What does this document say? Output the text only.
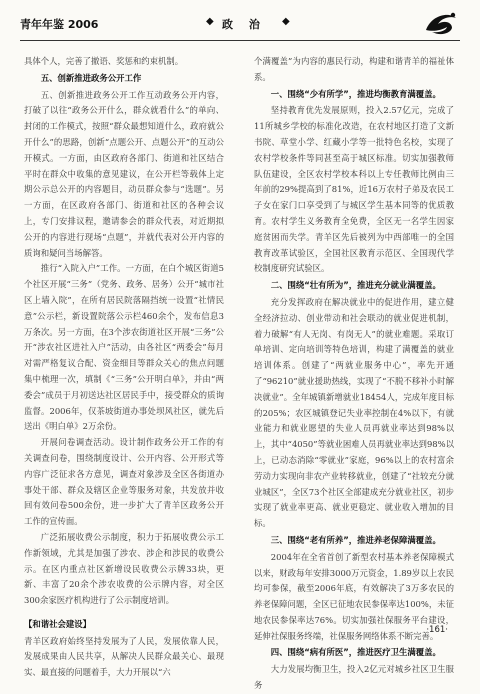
青年年鉴 2006	◆ 政 治 ◆

具体个人，完善了撤语、奖惩和约束机制。

五、创新推进政务公开工作

五、创新推进政务公开工作互动政务公开内容，打破了以往“政务公开什么，群众就看什么”的单向、封闭的工作模式，按照“群众最想知道什么，政府就公开什么”的思路，创新“点题公开、点题公开”的互动公开模式。一方面，由区政府各部门、街道和社区结合平时在群众中收集的意见建议，在公开栏等载体上定期公示总公开的内容题目，动员群众参与“选题”。另一方面，在区政府各部门、街道和社区的各种会议上，专门安排议程，邀请参会的群众代表，对近期拟公开的内容进行现场“点题”，并就代表对公开内容的质询和疑问当场解答。

推行“入院入户”工作。一方面，在白个城区街道5个社区开展“三务”（党务、政务、居务）公开“城市社区上墙入院”，在所有居民院落隔挡统一设置“社情民意”公示栏，新设置院落公示栏460余个，发布信息3万条次。另一方面，在3个涉农街道社区开展“三务”公开“涉农社区进社入户”活动，由各社区“两委会”每月对需严格复议合配、资金细目等群众关心的焦点问题集中梳理一次，填制《“三务”公开明白单》，并由“两委会”成员于月初送达社区居民手中，接受群众的质询监督。2006年，仅茶坡街道办事处坝风社区，就先后送出《明白单》2万余份。

开展问卷调查活动。设计制作政务公开工作的有关调查问卷，围绕制度设计、公开内容、公开形式等内容广泛征求各方意见，调查对象涉及全区各街道办事处干部、群众及辖区企业等服务对象，共发放并收回有效问卷500余份，进一步扩大了青羊区政务公开工作的宣传面。

广泛拓展收费公示制度，积力于拓展收费公示工作新领域，尤其是加强了涉农、涉企和涉民的收费公示。在区内重点社区新增设民收费公示牌33块，更新、丰富了20余个涉农收费的公示牌内容，对全区300余家医疗机构进行了公示制度培训。

【和谐社会建设】

青羊区政府始终坚持发展为了人民，发展依靠人民，发展成果由人民共享，从解决人民群众最关心、最现实、最直接的问题着手，大力开展以“六

个满覆盖”为内容的惠民行动，构建和谐青羊的福祉体系。

一、围绕“少有所学”，推进均衡教育满覆盖。

坚持教育优先发展原则，投入2.57亿元，完成了11所城乡学校的标准化改造，在农村地区打造了文新书院、草堂小学、红藏小学等一批特色名校，实现了农村学校条件等同甚至高于城区标准。切实加强教师队伍建设，全区农村学校本科以上专任教师比例由三年前的29%提高到了81%，近16万农村子弟及农民工子女在家门口享受到了与城区学生基本同等的优质教育。农村学生义务教育全免费，全区无一名学生因家庭贫困而失学。青羊区先后被列为中西部唯一的全国教育改革试验区，全国社区教育示范区、全国现代学校制度研究试验区。

二、围绕“壮有所为”，推进充分就业满覆盖。

充分发挥政府在解决就业中的促进作用，建立健全经济拉动、创业带动和社会联动的就业促进机制，着力破解“有人无岗、有岗无人”的就业难题。采取订单培训、定向培训等特色培训，构建了满覆盖的就业培训体系。创建了“两就业服务中心”，率先开通了“96210”就业援助热线，实现了“不脱不移补小时解决就业”。全年城镇新增就业18454人，完成年度目标的205%；农区城镇登记失业率控制在4%以下，有就业能力和就业愿望的失业人员再就业率达到98%以上，其中“4050”等就业困难人员再就业率达到98%以上，已动态消除“零就业”家庭，96%以上的农村富余劳动力实现向非农产业转移就业，创建了“社较充分就业城区”，全区73个社区全部建成充分就业社区，初步实现了就业率更高、就业更稳定、就业收入增加的目标。

三、围绕“老有所养”，推进养老保障满覆盖。

2004年在全省首创了新型农村基本养老保障模式以来，财政每年安排3000万元资金，1.89岁以上农民均可参保，截至2006年底，有效解决了3万多农民的养老保障问题，全区已征地农民参保率达100%，未征地农民参保率达76%。切实加强社保服务平台建设，延伸社保服务终端，社保服务网络体系不断完善。

四、围绕“病有所医”，推进医疗卫生满覆盖。

大力发展均衡卫生，投入2亿元对城乡社区卫生服务

·161·
